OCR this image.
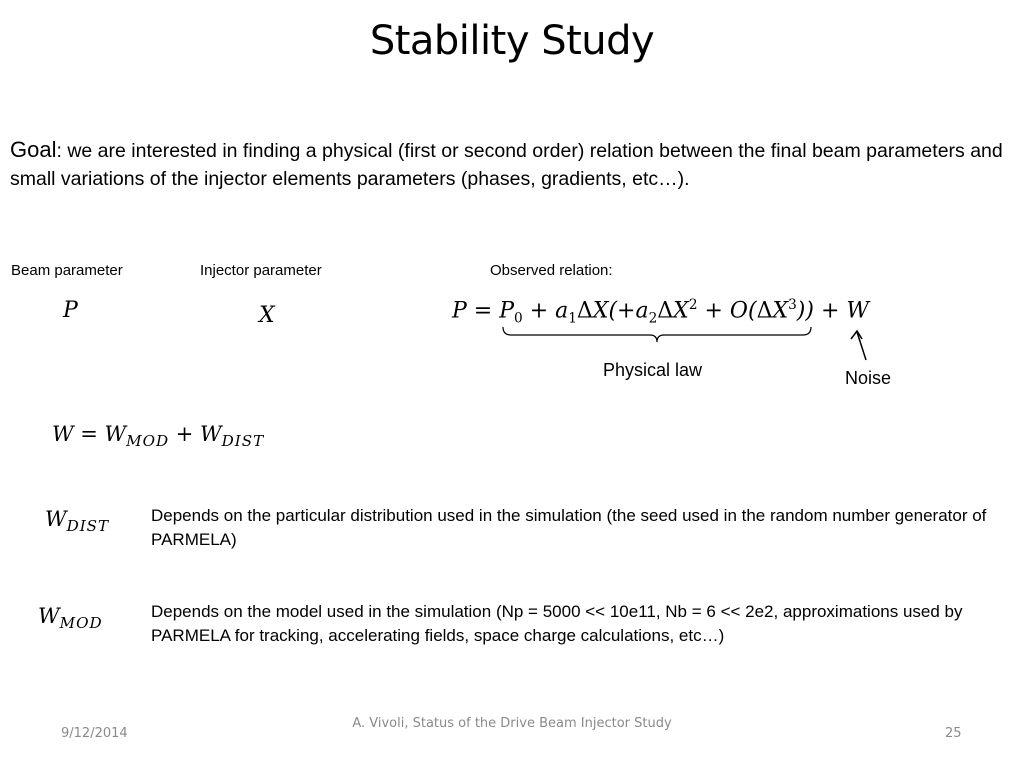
Stability Study
Goal: we are interested in finding a physical (first or second order) relation between the final beam parameters and small variations of the injector elements parameters (phases, gradients, etc…).
Beam parameter	Injector parameter	Observed relation:
P	X	$P = P_0 + a_1\Delta X(+a_2\Delta X^2 + O(\Delta X^3)) + W$
Physical law	Noise
$W = W_{MOD} + W_{DIST}$
$W_{DIST}$
Depends on the particular distribution used in the simulation (the seed used in the random number generator of PARMELA)
$W_{MOD}$
Depends on the model used in the simulation (Np = 5000 << 10e11, Nb = 6 << 2e2, approximations used by PARMELA for tracking, accelerating fields, space charge calculations, etc…)
9/12/2014
A. Vivoli, Status of the Drive Beam Injector Study
25
